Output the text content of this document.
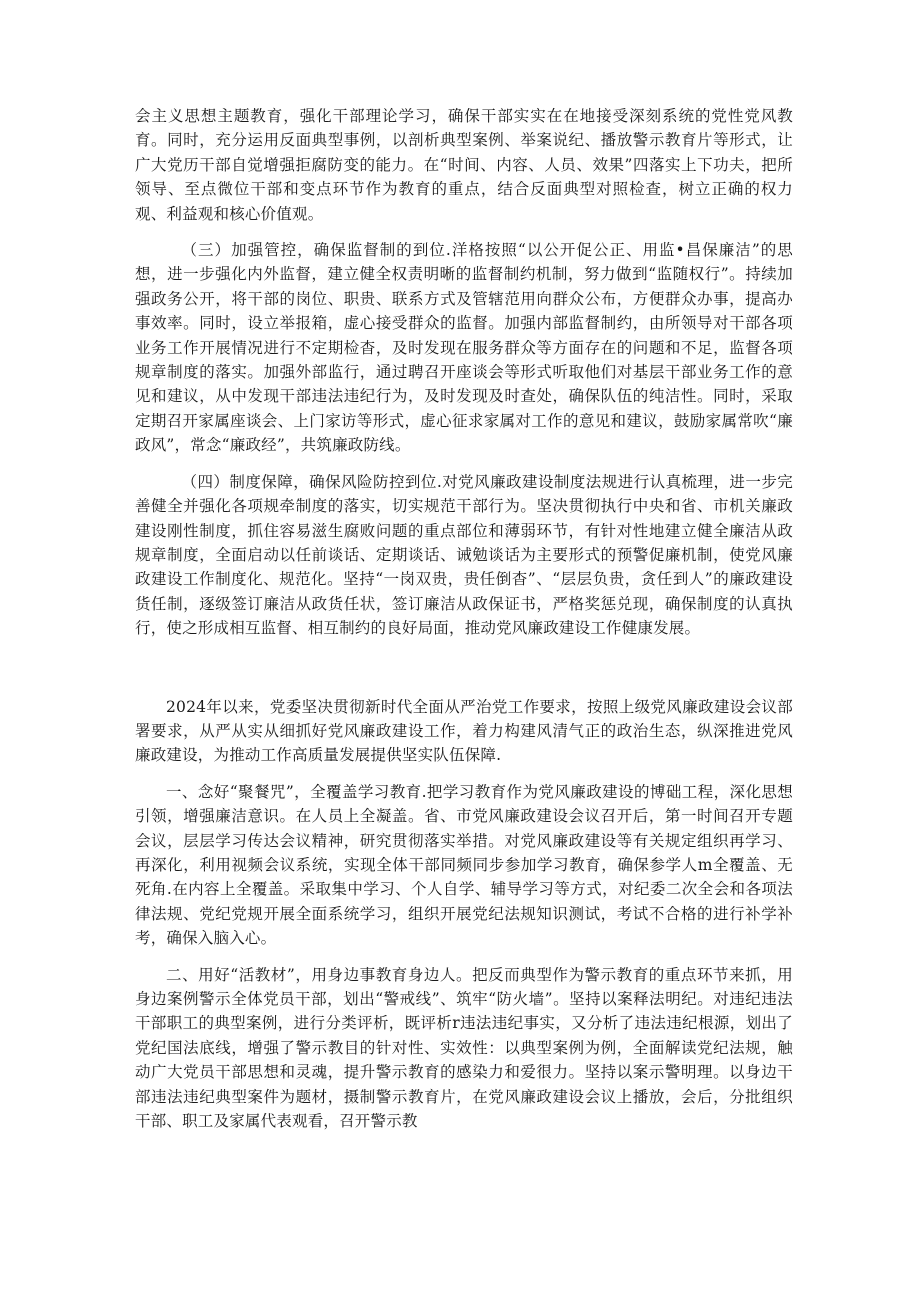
会主义思想主题教育，强化干部理论学习，确保干部实实在在地接受深刻系统的党性党风教育。同时，充分运用反面典型事例，以剖析典型案例、举案说纪、播放警示教育片等形式，让广大党历干部自觉增强拒腐防变的能力。在“时间、内容、人员、效果”四落实上下功夫，把所领导、至点微位干部和变点环节作为教育的重点，结合反面典型对照检查，树立正确的权力观、利益观和核心价值观。

（三）加强管控，确保监督制的到位.洋格按照“以公开促公正、用监•昌保廉洁”的思想，进一步强化内外监督，建立健全权责明晰的监督制约机制，努力做到“监随权行”。持续加强政务公开，将干部的岗位、职贵、联系方式及管辖范用向群众公布，方便群众办事，提高办事效率。同时，设立举报箱，虚心接受群众的监督。加强内部监督制约，由所领导对干部各项业务工作开展情况进行不定期检杳，及时发现在服务群众等方面存在的问题和不足，监督各项规章制度的落实。加强外部监行，通过聘召开座谈会等形式听取他们对基层干部业务工作的意见和建议，从中发现干部违法违纪行为，及时发现及时查处，确保队伍的纯洁性。同时，采取定期召开家属座谈会、上门家访等形式，虚心征求家属对工作的意见和建议，鼓励家属常吹“廉政风”，常念“廉政经”，共筑廉政防线。

（四）制度保障，确保风险防控到位.对党风廉政建设制度法规进行认真梳理，进一步完善健全并强化各项规牵制度的落实，切实规范干部行为。坚决贯彻执行中央和省、市机关廉政建设刚性制度，抓住容易滋生腐败问题的重点部位和薄弱环节，有针对性地建立健全廉洁从政规章制度，全面启动以任前谈话、定期谈话、诫勉谈话为主要形式的预警促廉机制，使党风廉政建设工作制度化、规范化。坚持“一岗双贵，贵任倒杳”、“层层负贵，贪任到人”的廉政建设货任制，逐级签订廉洁从政货任状，签订廉洁从政保证书，严格奖惩兑现，确保制度的认真执行，使之形成相互监督、相互制约的良好局面，推动党风廉政建设工作健康发展。

2024年以来，党委坚决贯彻新时代全面从严治党工作要求，按照上级党风廉政建设会议部署要求，从严从实从细抓好党风廉政建设工作，着力构建风清气正的政治生态，纵深推进党风廉政建设，为推动工作高质量发展提供坚实队伍保障.

一、念好“聚餐咒”，全覆盖学习教育.把学习教育作为党风廉政建设的博础工程，深化思想引领，增强廉洁意识。在人员上全凝盖。省、市党风廉政建设会议召开后，第一时间召开专题会议，层层学习传达会议精神，研究贯彻落实举措。对党风廉政建设等有关规定组织再学习、再深化，利用视频会议系统，实现全体干部同频同步参加学习教育，确保参学人m全覆盖、无死角.在内容上全覆盖。采取集中学习、个人自学、辅导学习等方式，对纪委二次全会和各项法律法规、党纪党规开展全面系统学习，组织开展党纪法规知识测试，考试不合格的进行补学补考，确保入脑入心。

二、用好“活教材”，用身边事教育身边人。把反而典型作为警示教育的重点环节来抓，用身边案例警示全体党员干部，划出“警戒线”、筑牢“防火墙”。坚持以案释法明纪。对违纪违法干部职工的典型案例，进行分类评析，既评析r违法违纪事实，又分析了违法违纪根源，划出了党纪国法底线，增强了警示教目的针对性、实效性：以典型案例为例，全面解读党纪法规，触动广大党员干部思想和灵魂，提升警示教育的感染力和爱很力。坚持以案示警明理。以身边干部违法违纪典型案件为题材，摄制警示教育片，在党风廉政建设会议上播放，会后，分批组织干部、职工及家属代表观看，召开警示教
